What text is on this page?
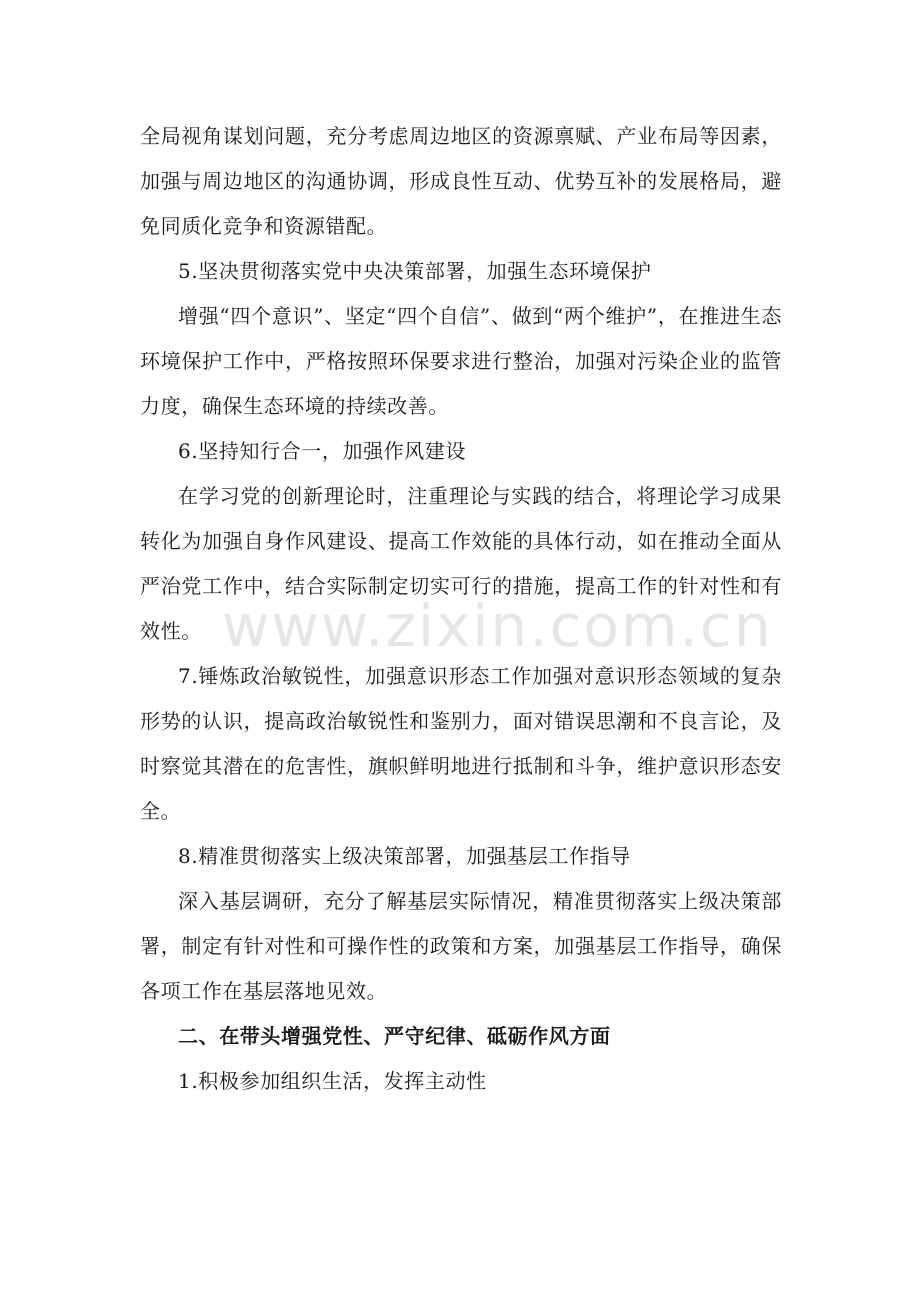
www.zixin.com.cn

全局视角谋划问题，充分考虑周边地区的资源禀赋、产业布局等因素，加强与周边地区的沟通协调，形成良性互动、优势互补的发展格局，避免同质化竞争和资源错配。

5.坚决贯彻落实党中央决策部署，加强生态环境保护

增强“四个意识”、坚定“四个自信”、做到“两个维护”，在推进生态环境保护工作中，严格按照环保要求进行整治，加强对污染企业的监管力度，确保生态环境的持续改善。

6.坚持知行合一，加强作风建设

在学习党的创新理论时，注重理论与实践的结合，将理论学习成果转化为加强自身作风建设、提高工作效能的具体行动，如在推动全面从严治党工作中，结合实际制定切实可行的措施，提高工作的针对性和有效性。

7.锤炼政治敏锐性，加强意识形态工作加强对意识形态领域的复杂形势的认识，提高政治敏锐性和鉴别力，面对错误思潮和不良言论，及时察觉其潜在的危害性，旗帜鲜明地进行抵制和斗争，维护意识形态安全。

8.精准贯彻落实上级决策部署，加强基层工作指导

深入基层调研，充分了解基层实际情况，精准贯彻落实上级决策部署，制定有针对性和可操作性的政策和方案，加强基层工作指导，确保各项工作在基层落地见效。

二、在带头增强党性、严守纪律、砥砺作风方面

1.积极参加组织生活，发挥主动性
